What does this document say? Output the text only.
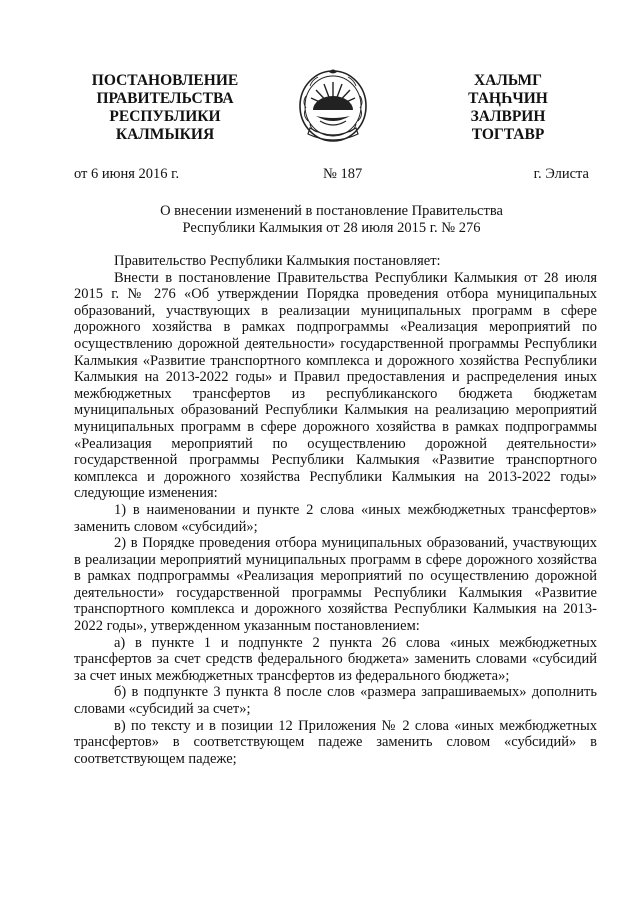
ПОСТАНОВЛЕНИЕ
ПРАВИТЕЛЬСТВА
РЕСПУБЛИКИ
КАЛМЫКИЯ
ХАЛЬМГ
ТАҢҺЧИН
ЗАЛВРИН
ТОГТАВР
от 6 июня 2016 г.	№ 187	г. Элиста
О внесении изменений в постановление Правительства
Республики Калмыкия от 28 июля 2015 г. № 276

Правительство Республики Калмыкия постановляет:

Внести в постановление Правительства Республики Калмыкия от 28 июля 2015 г. № 276 «Об утверждении Порядка проведения отбора муниципальных образований, участвующих в реализации муниципальных программ в сфере дорожного хозяйства в рамках подпрограммы «Реализация мероприятий по осуществлению дорожной деятельности» государственной программы Республики Калмыкия «Развитие транспортного комплекса и дорожного хозяйства Республики Калмыкия на 2013-2022 годы» и Правил предоставления и распределения иных межбюджетных трансфертов из республиканского бюджета бюджетам муниципальных образований Республики Калмыкия на реализацию мероприятий муниципальных программ в сфере дорожного хозяйства в рамках подпрограммы «Реализация мероприятий по осуществлению дорожной деятельности» государственной программы Республики Калмыкия «Развитие транспортного комплекса и дорожного хозяйства Республики Калмыкия на 2013-2022 годы» следующие изменения:

1) в наименовании и пункте 2 слова «иных межбюджетных трансфертов» заменить словом «субсидий»;

2) в Порядке проведения отбора муниципальных образований, участвующих в реализации мероприятий муниципальных программ в сфере дорожного хозяйства в рамках подпрограммы «Реализация мероприятий по осуществлению дорожной деятельности» государственной программы Республики Калмыкия «Развитие транспортного комплекса и дорожного хозяйства Республики Калмыкия на 2013-2022 годы», утвержденном указанным постановлением:

а) в пункте 1 и подпункте 2 пункта 26 слова «иных межбюджетных трансфертов за счет средств федерального бюджета» заменить словами «субсидий за счет иных межбюджетных трансфертов из федерального бюджета»;

б) в подпункте 3 пункта 8 после слов «размера запрашиваемых» дополнить словами «субсидий за счет»;

в) по тексту и в позиции 12 Приложения № 2 слова «иных межбюджетных трансфертов» в соответствующем падеже заменить словом «субсидий» в соответствующем падеже;
